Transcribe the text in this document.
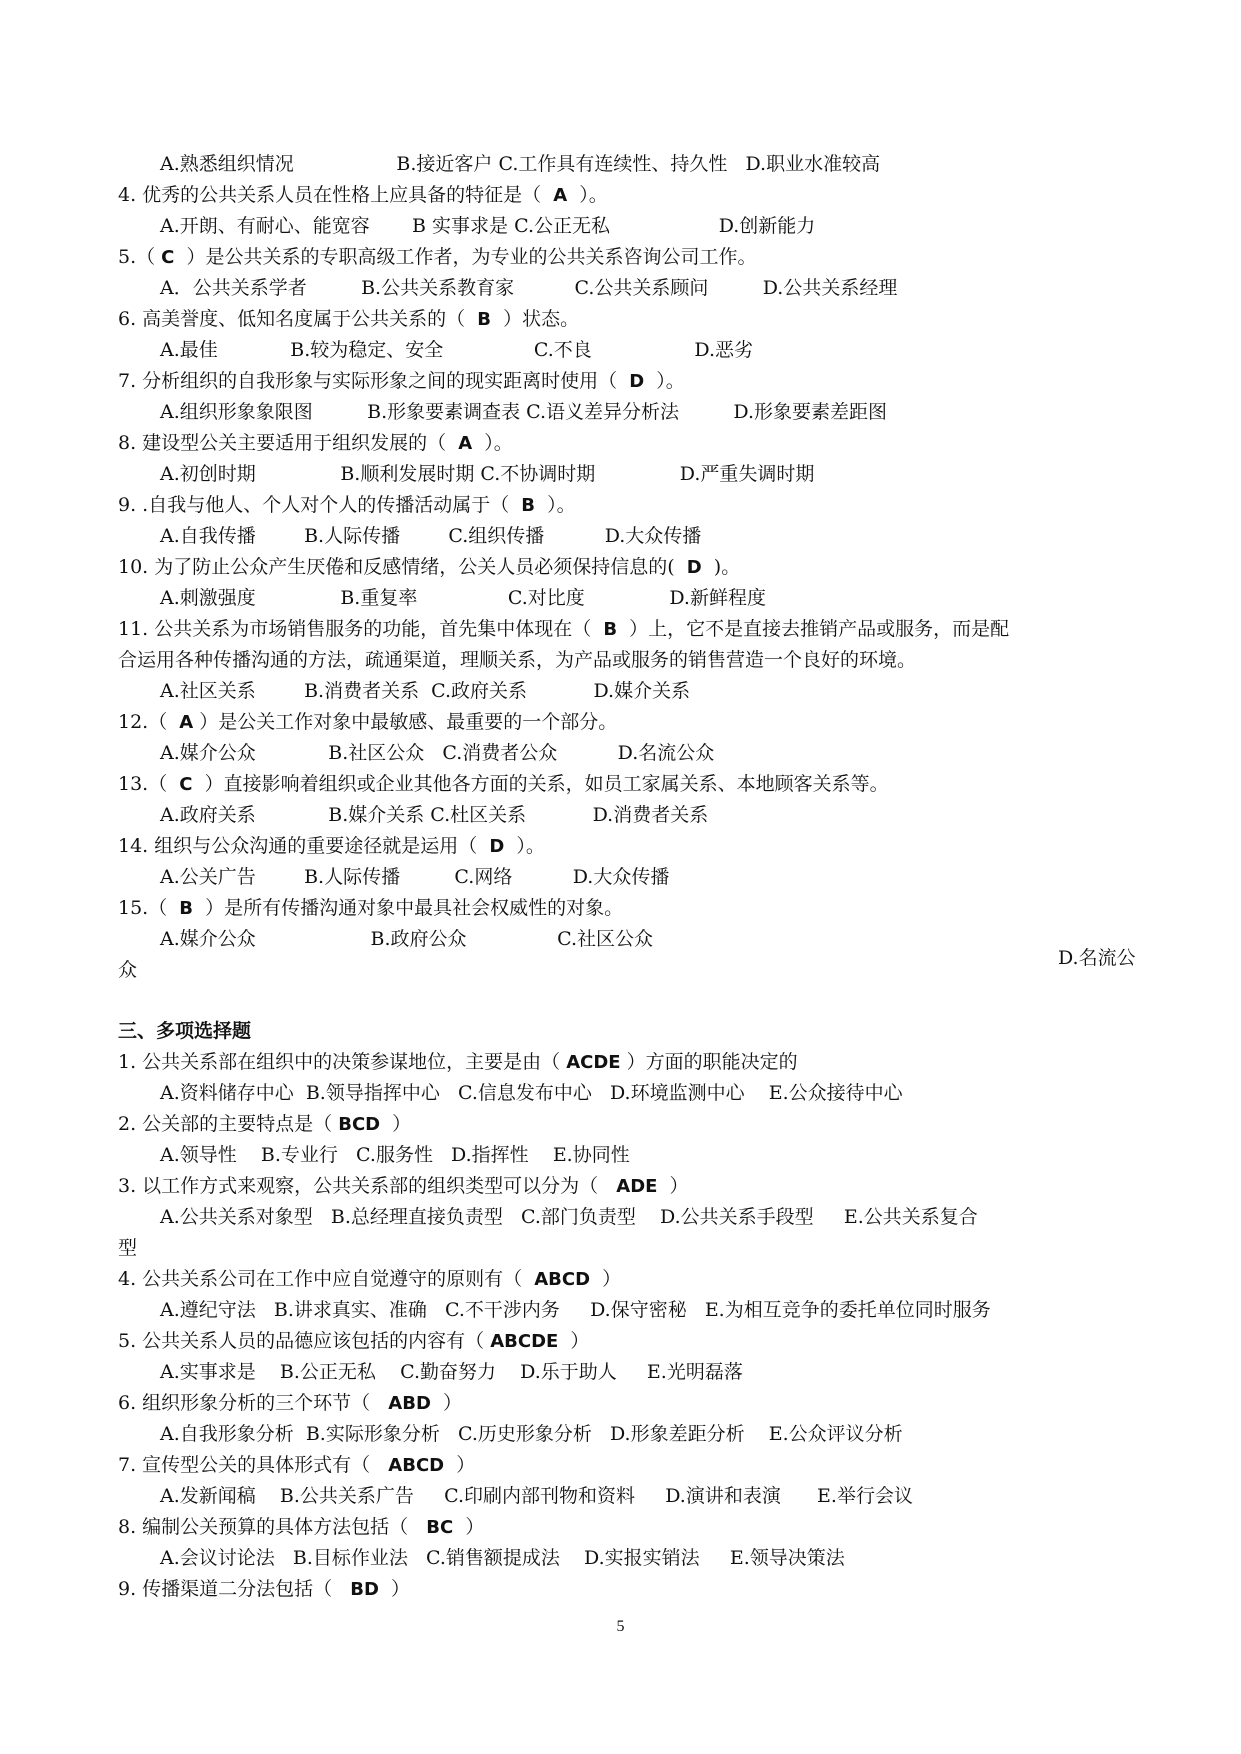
A.熟悉组织情况                 B.接近客户 C.工作具有连续性、持久性   D.职业水准较高

4. 优秀的公共关系人员在性格上应具备的特征是（  A  ）。

A.开朗、有耐心、能宽容       B 实事求是 C.公正无私                  D.创新能力

5.（ C  ）是公共关系的专职高级工作者，为专业的公共关系咨询公司工作。

A．公共关系学者         B.公共关系教育家          C.公共关系顾问         D.公共关系经理

6. 高美誉度、低知名度属于公共关系的（  B  ）状态。

A.最佳            B.较为稳定、安全               C.不良                 D.恶劣

7. 分析组织的自我形象与实际形象之间的现实距离时使用（  D  ）。

A.组织形象象限图         B.形象要素调查表 C.语义差异分析法         D.形象要素差距图

8. 建设型公关主要适用于组织发展的（  A  ）。

A.初创时期              B.顺利发展时期 C.不协调时期              D.严重失调时期

9. .自我与他人、个人对个人的传播活动属于（  B  ）。

A.自我传播        B.人际传播        C.组织传播          D.大众传播

10. 为了防止公众产生厌倦和反感情绪，公关人员必须保持信息的(  D  )。

A.刺激强度              B.重复率               C.对比度              D.新鲜程度

11. 公共关系为市场销售服务的功能，首先集中体现在（  B  ）上，它不是直接去推销产品或服务，而是配

合运用各种传播沟通的方法，疏通渠道，理顺关系，为产品或服务的销售营造一个良好的环境。

A.社区关系        B.消费者关系  C.政府关系           D.媒介关系

12.（  A ）是公关工作对象中最敏感、最重要的一个部分。

A.媒介公众            B.社区公众   C.消费者公众          D.名流公众

13.（  C  ）直接影响着组织或企业其他各方面的关系，如员工家属关系、本地顾客关系等。

A.政府关系            B.媒介关系 C.杜区关系           D.消费者关系

14. 组织与公众沟通的重要途径就是运用（  D  ）。

A.公关广告        B.人际传播         C.网络          D.大众传播

15.（  B  ）是所有传播沟通对象中最具社会权威性的对象。

A.媒介公众                   B.政府公众               C.社区公众

D.名流公

众

三、多项选择题

1. 公共关系部在组织中的决策参谋地位，主要是由（ ACDE ）方面的职能决定的

A.资料储存中心  B.领导指挥中心   C.信息发布中心   D.环境监测中心    E.公众接待中心

2. 公关部的主要特点是（ BCD  ）

A.领导性    B.专业行   C.服务性   D.指挥性    E.协同性

3. 以工作方式来观察，公共关系部的组织类型可以分为（   ADE  ）

A.公共关系对象型   B.总经理直接负责型   C.部门负责型    D.公共关系手段型     E.公共关系复合

型

4. 公共关系公司在工作中应自觉遵守的原则有（  ABCD  ）

A.遵纪守法   B.讲求真实、准确   C.不干涉内务     D.保守密秘   E.为相互竞争的委托单位同时服务

5. 公共关系人员的品德应该包括的内容有（ ABCDE  ）

A.实事求是    B.公正无私    C.勤奋努力    D.乐于助人     E.光明磊落

6. 组织形象分析的三个环节（   ABD  ）

A.自我形象分析  B.实际形象分析   C.历史形象分析   D.形象差距分析    E.公众评议分析

7. 宣传型公关的具体形式有（   ABCD  ）

A.发新闻稿    B.公共关系广告     C.印刷内部刊物和资料     D.演讲和表演      E.举行会议

8. 编制公关预算的具体方法包括（   BC  ）

A.会议讨论法   B.目标作业法   C.销售额提成法    D.实报实销法     E.领导决策法

9. 传播渠道二分法包括（   BD  ）

5
